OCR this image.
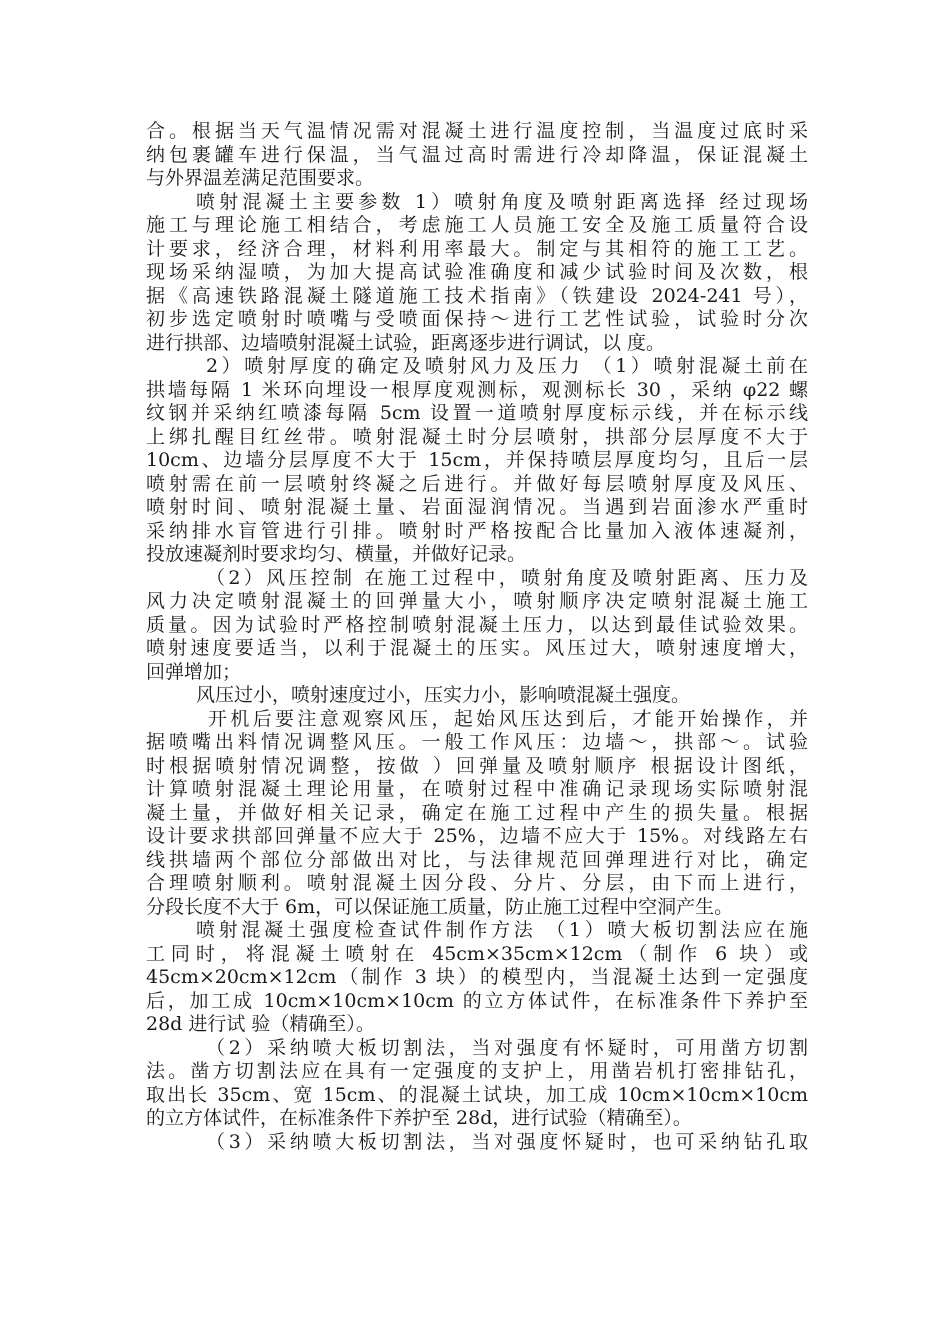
合。根据当天气温情况需对混凝土进行温度控制，当温度过底时采
纳包裹罐车进行保温，当气温过高时需进行冷却降温，保证混凝土
与外界温差满足范围要求。
喷射混凝土主要参数 1）喷射角度及喷射距离选择 经过现场
施工与理论施工相结合，考虑施工人员施工安全及施工质量符合设
计要求，经济合理，材料利用率最大。制定与其相符的施工工艺。
现场采纳湿喷，为加大提高试验准确度和减少试验时间及次数，根
据《高速铁路混凝土隧道施工技术指南》（铁建设 2024-241 号），
初步选定喷射时喷嘴与受喷面保持～进行工艺性试验，试验时分次
进行拱部、边墙喷射混凝土试验，距离逐步进行调试，以 度。
2）喷射厚度的确定及喷射风力及压力 （1）喷射混凝土前在
拱墙每隔 1 米环向埋设一根厚度观测标，观测标长 30 ，采纳 φ22 螺
纹钢并采纳红喷漆每隔 5cm 设置一道喷射厚度标示线，并在标示线
上绑扎醒目红丝带。喷射混凝土时分层喷射，拱部分层厚度不大于
10cm、边墙分层厚度不大于 15cm，并保持喷层厚度均匀，且后一层
喷射需在前一层喷射终凝之后进行。并做好每层喷射厚度及风压、
喷射时间、喷射混凝土量、岩面湿润情况。当遇到岩面渗水严重时
采纳排水盲管进行引排。喷射时严格按配合比量加入液体速凝剂，
投放速凝剂时要求均匀、横量，并做好记录。
（2）风压控制 在施工过程中，喷射角度及喷射距离、压力及
风力决定喷射混凝土的回弹量大小，喷射顺序决定喷射混凝土施工
质量。因为试验时严格控制喷射混凝土压力，以达到最佳试验效果。
喷射速度要适当，以利于混凝土的压实。风压过大，喷射速度增大，
回弹增加；
风压过小，喷射速度过小，压实力小，影响喷混凝土强度。
开机后要注意观察风压，起始风压达到后，才能开始操作，并
据喷嘴出料情况调整风压。一般工作风压：边墙～，拱部～。试验
时根据喷射情况调整，按做 ）回弹量及喷射顺序 根据设计图纸，
计算喷射混凝土理论用量，在喷射过程中准确记录现场实际喷射混
凝土量，并做好相关记录，确定在施工过程中产生的损失量。根据
设计要求拱部回弹量不应大于 25%，边墙不应大于 15%。对线路左右
线拱墙两个部位分部做出对比，与法律规范回弹理进行对比，确定
合理喷射顺利。喷射混凝土因分段、分片、分层，由下而上进行，
分段长度不大于 6m，可以保证施工质量，防止施工过程中空洞产生。
喷射混凝土强度检查试件制作方法 （1）喷大板切割法应在施
工同时，将混凝土喷射在 45cm×35cm×12cm（制作 6 块）或
45cm×20cm×12cm（制作 3 块）的模型内，当混凝土达到一定强度
后，加工成 10cm×10cm×10cm 的立方体试件，在标准条件下养护至
28d 进行试 验（精确至）。
（2）采纳喷大板切割法，当对强度有怀疑时，可用凿方切割
法。凿方切割法应在具有一定强度的支护上，用凿岩机打密排钻孔，
取出长 35cm、宽 15cm、的混凝土试块，加工成 10cm×10cm×10cm
的立方体试件，在标准条件下养护至 28d，进行试验（精确至）。
（3）采纳喷大板切割法，当对强度怀疑时，也可采纳钻孔取
